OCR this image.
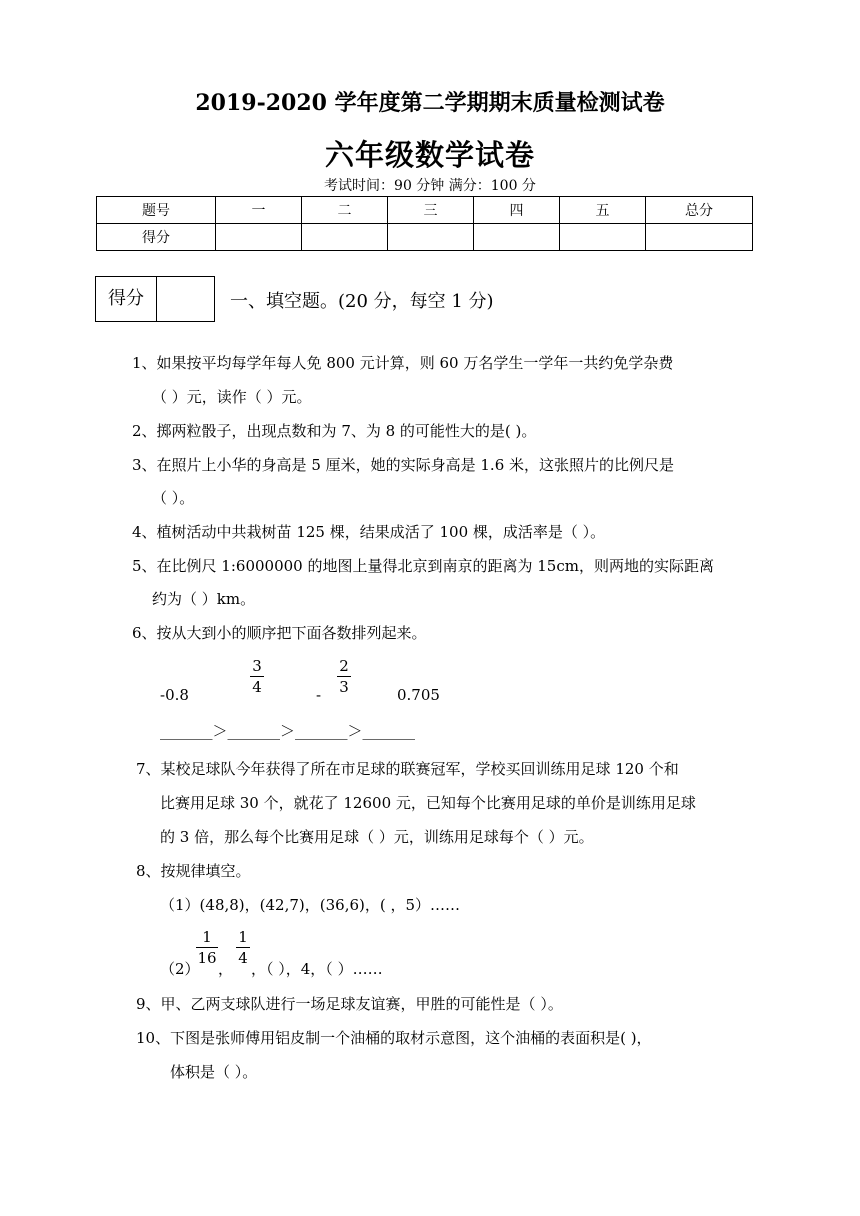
2019-2020 学年度第二学期期末质量检测试卷
六年级数学试卷
考试时间：90 分钟 满分：100 分
题号	一	二	三	四	五	总分
得分						
得分	一、填空题。(20 分，每空 1 分)
1、如果按平均每学年每人免 800 元计算，则 60 万名学生一学年一共约免学杂费
（ ）元，读作（ ）元。
2、掷两粒骰子，出现点数和为 7、为 8 的可能性大的是( )。
3、在照片上小华的身高是 5 厘米，她的实际身高是 1.6 米，这张照片的比例尺是
（ ）。
4、植树活动中共栽树苗 125 棵，结果成活了 100 棵，成活率是（ ）。
5、在比例尺 1:6000000 的地图上量得北京到南京的距离为 15cm，则两地的实际距离
约为（ ）km。
6、按从大到小的顺序把下面各数排列起来。
-0.8
3
4	-
2
3	0.705
_______＞_______＞_______＞_______
7、某校足球队今年获得了所在市足球的联赛冠军，学校买回训练用足球 120 个和
比赛用足球 30 个，就花了 12600 元，已知每个比赛用足球的单价是训练用足球
的 3 倍，那么每个比赛用足球（ ）元，训练用足球每个（ ）元。
8、按规律填空。
（1）(48,8)，(42,7)，(36,6)，( ，5）……
（2）
1
16
，
1
4
，（ ），4，（ ）……
9、甲、乙两支球队进行一场足球友谊赛，甲胜的可能性是（ ）。
10、下图是张师傅用铝皮制一个油桶的取材示意图，这个油桶的表面积是( )，
体积是（ ）。
